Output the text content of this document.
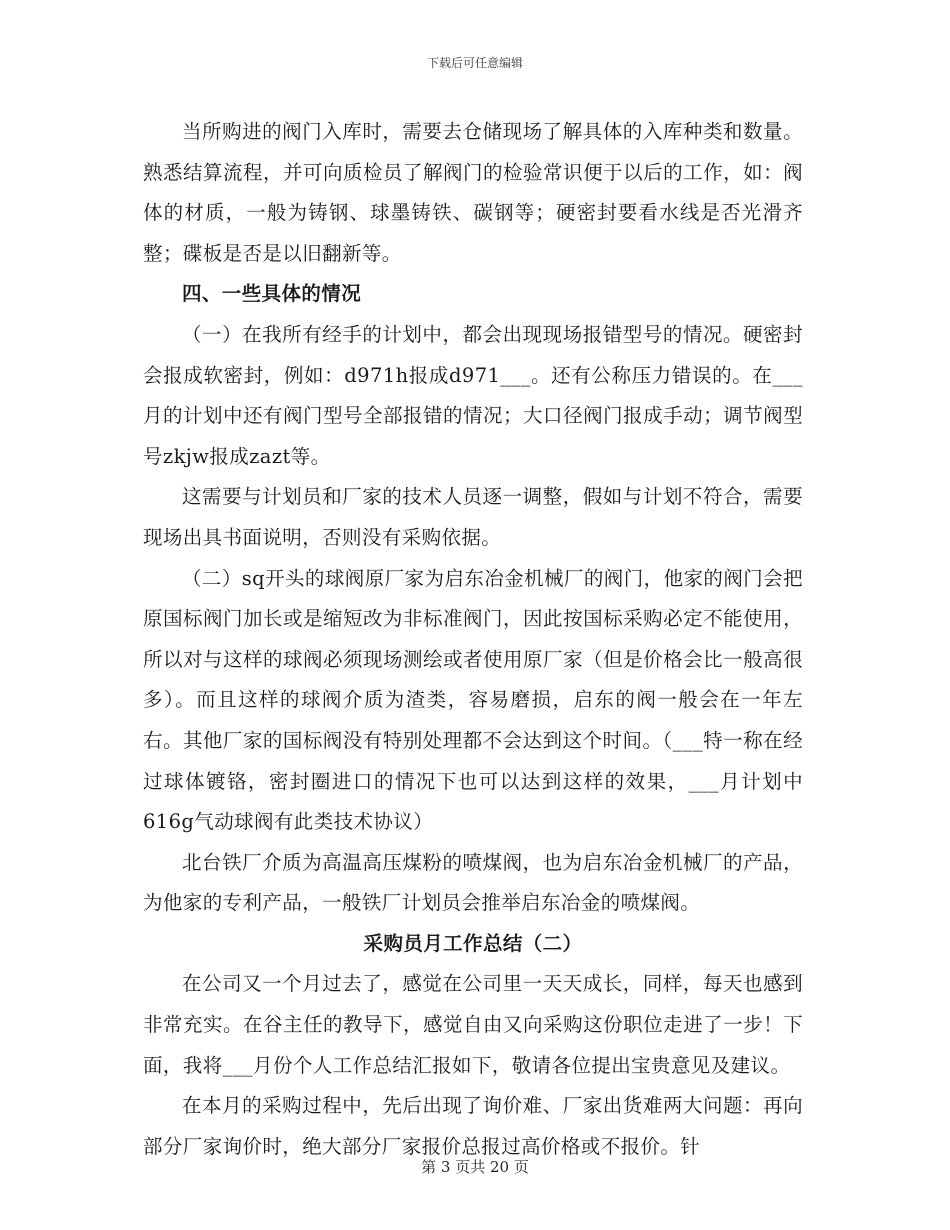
下载后可任意编辑

当所购进的阀门入库时，需要去仓储现场了解具体的入库种类和数量。熟悉结算流程，并可向质检员了解阀门的检验常识便于以后的工作，如：阀体的材质，一般为铸钢、球墨铸铁、碳钢等；硬密封要看水线是否光滑齐整；碟板是否是以旧翻新等。

四、一些具体的情况

（一）在我所有经手的计划中，都会出现现场报错型号的情况。硬密封会报成软密封，例如：d971h报成d971___。还有公称压力错误的。在___月的计划中还有阀门型号全部报错的情况；大口径阀门报成手动；调节阀型号zkjw报成zazt等。

这需要与计划员和厂家的技术人员逐一调整，假如与计划不符合，需要现场出具书面说明，否则没有采购依据。

（二）sq开头的球阀原厂家为启东冶金机械厂的阀门，他家的阀门会把原国标阀门加长或是缩短改为非标准阀门，因此按国标采购必定不能使用，所以对与这样的球阀必须现场测绘或者使用原厂家（但是价格会比一般高很多）。而且这样的球阀介质为渣类，容易磨损，启东的阀一般会在一年左右。其他厂家的国标阀没有特别处理都不会达到这个时间。（___特一称在经过球体镀铬，密封圈进口的情况下也可以达到这样的效果，___月计划中616g气动球阀有此类技术协议）

北台铁厂介质为高温高压煤粉的喷煤阀，也为启东冶金机械厂的产品，为他家的专利产品，一般铁厂计划员会推举启东冶金的喷煤阀。

采购员月工作总结（二）

在公司又一个月过去了，感觉在公司里一天天成长，同样，每天也感到非常充实。在谷主任的教导下，感觉自由又向采购这份职位走进了一步！下面，我将___月份个人工作总结汇报如下，敬请各位提出宝贵意见及建议。

在本月的采购过程中，先后出现了询价难、厂家出货难两大问题：再向部分厂家询价时，绝大部分厂家报价总报过高价格或不报价。针

第 3 页共 20 页
